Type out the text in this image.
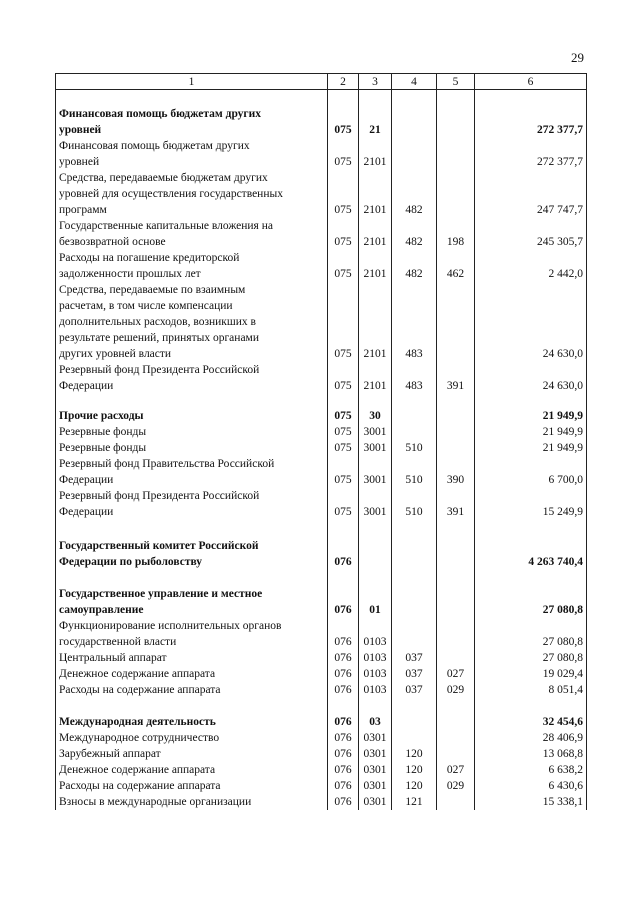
29
1	2	3	4	5	6

Финансовая помощь бюджетам других
уровней	075	21			272 377,7

Финансовая помощь бюджетам других
уровней	075	2101			272 377,7

Средства, передаваемые бюджетам других
уровней для осуществления государственных
программ	075	2101	482		247 747,7

Государственные капитальные вложения на
безвозвратной основе	075	2101	482	198	245 305,7

Расходы на погашение кредиторской
задолженности прошлых лет	075	2101	482	462	2 442,0

Средства, передаваемые по взаимным
расчетам, в том числе компенсации
дополнительных расходов, возникших в
результате решений, принятых органами
других уровней власти	075	2101	483		24 630,0

Резервный фонд Президента Российской
Федерации	075	2101	483	391	24 630,0

Прочие расходы	075	30			21 949,9

Резервные фонды	075	3001			21 949,9

Резервные фонды	075	3001	510		21 949,9

Резервный фонд Правительства Российской
Федерации	075	3001	510	390	6 700,0

Резервный фонд Президента Российской
Федерации	075	3001	510	391	15 249,9

Государственный комитет Российской
Федерации по рыболовству	076				4 263 740,4

Государственное управление и местное
самоуправление	076	01			27 080,8

Функционирование исполнительных органов
государственной власти	076	0103			27 080,8

Центральный аппарат	076	0103	037		27 080,8

Денежное содержание аппарата	076	0103	037	027	19 029,4

Расходы на содержание аппарата	076	0103	037	029	8 051,4

Международная деятельность	076	03			32 454,6

Международное сотрудничество	076	0301			28 406,9

Зарубежный аппарат	076	0301	120		13 068,8

Денежное содержание аппарата	076	0301	120	027	6 638,2

Расходы на содержание аппарата	076	0301	120	029	6 430,6

Взносы в международные организации	076	0301	121		15 338,1
